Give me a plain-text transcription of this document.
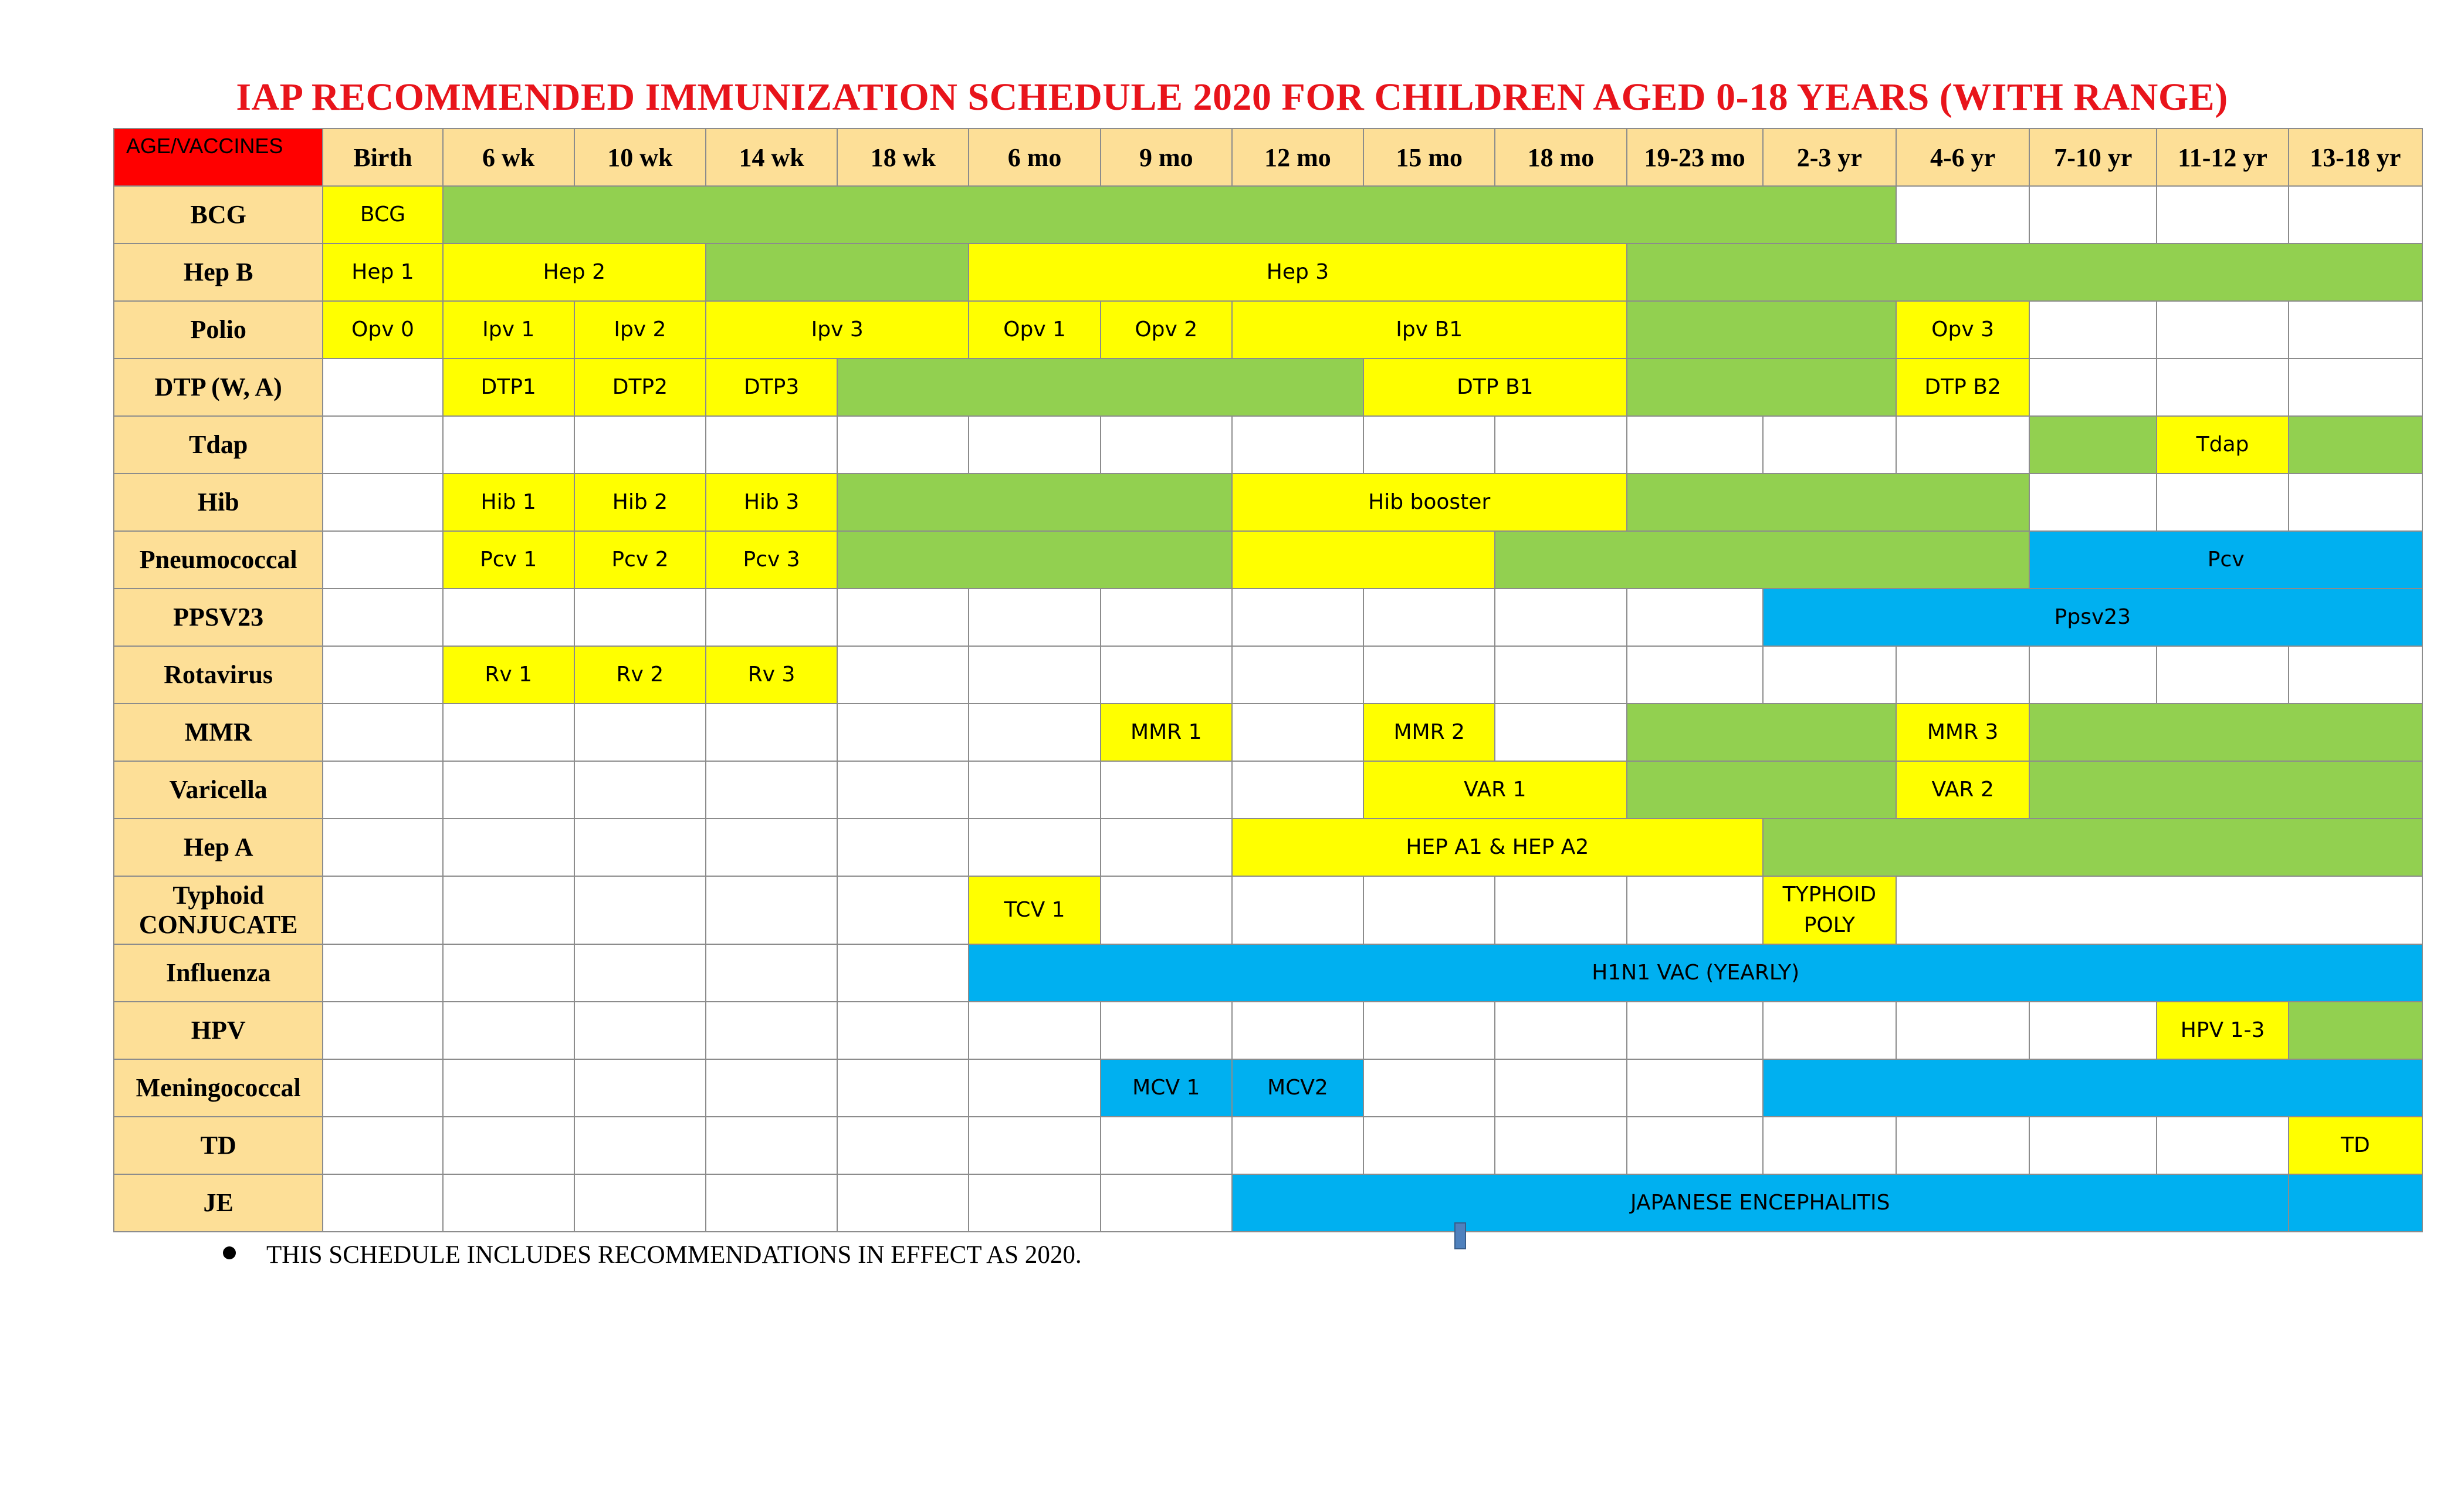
IAP RECOMMENDED IMMUNIZATION SCHEDULE 2020 FOR CHILDREN AGED 0-18 YEARS (WITH RANGE)
AGE/VACCINES	Birth	6 wk	10 wk	14 wk	18 wk	6 mo	9 mo	12 mo	15 mo	18 mo	19-23 mo	2-3 yr	4-6 yr	7-10 yr	11-12 yr	13-18 yr
BCG	BCG															
Hep B	Hep 1	Hep 2				Hep 3										
Polio	Opv 0	Ipv 1	Ipv 2	Ipv 3		Opv 1	Opv 2	Ipv B1					Opv 3			
DTP (W, A)		DTP1	DTP2	DTP3					DTP B1				DTP B2			
Tdap															Tdap	
Hib		Hib 1	Hib 2	Hib 3				Hib booster								
Pneumococcal		Pcv 1	Pcv 2	Pcv 3										Pcv		
PPSV23												Ppsv23				
Rotavirus		Rv 1	Rv 2	Rv 3												
MMR							MMR 1		MMR 2				MMR 3			
Varicella									VAR 1				VAR 2			
Hep A								HEP A1 & HEP A2								
Typhoid CONJUCATE						TCV 1						TYPHOID POLY				
Influenza						H1N1 VAC (YEARLY)										
HPV															HPV 1-3	
Meningococcal							MCV 1	MCV2								
TD																TD
JE								JAPANESE ENCEPHALITIS								
THIS SCHEDULE INCLUDES RECOMMENDATIONS IN EFFECT AS 2020.
